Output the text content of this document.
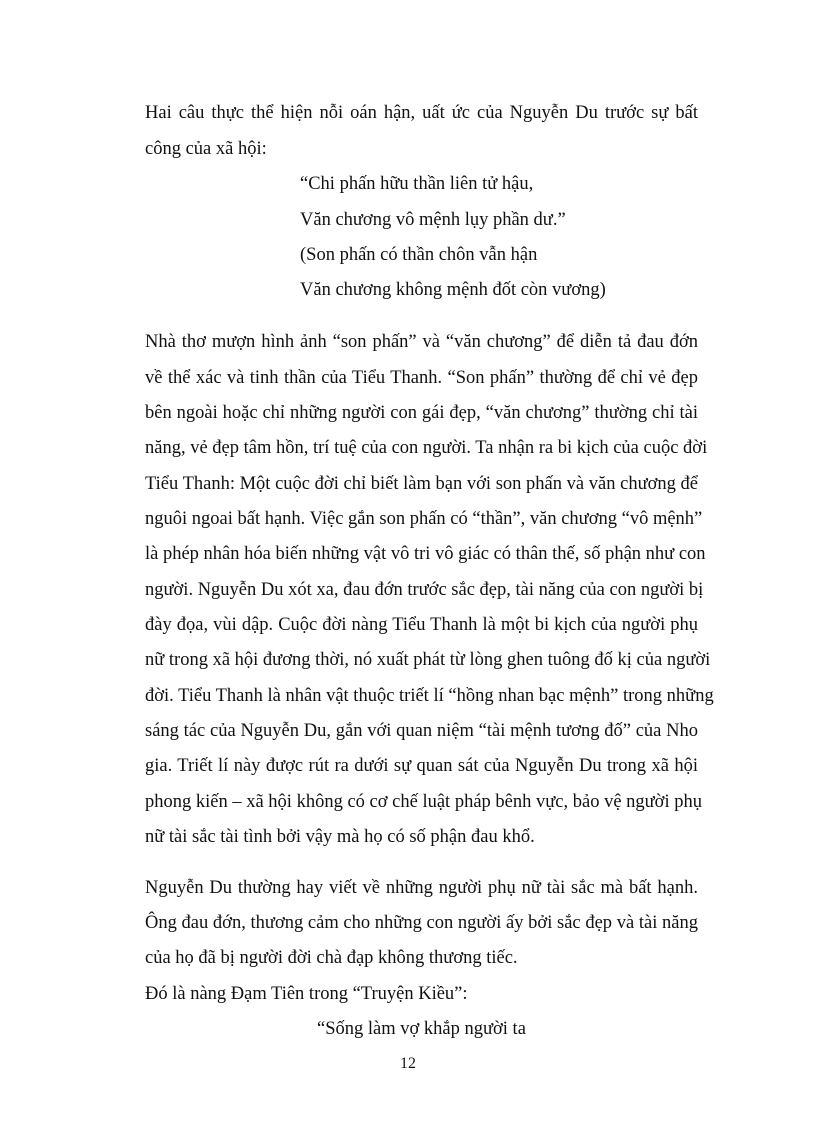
Hai câu thực thể hiện nỗi oán hận, uất ức của Nguyễn Du trước sự bất
công của xã hội:
“Chi phấn hữu thần liên tử hậu,
Văn chương vô mệnh lụy phần dư.”
(Son phấn có thần chôn vẫn hận
Văn chương không mệnh đốt còn vương)
Nhà thơ mượn hình ảnh “son phấn” và “văn chương” để diễn tả đau đớn
về thể xác và tinh thần của Tiểu Thanh. “Son phấn” thường để chỉ vẻ đẹp
bên ngoài hoặc chỉ những người con gái đẹp, “văn chương” thường chỉ tài
năng, vẻ đẹp tâm hồn, trí tuệ của con người. Ta nhận ra bi kịch của cuộc đời
Tiểu Thanh: Một cuộc đời chỉ biết làm bạn với son phấn và văn chương để
nguôi ngoai bất hạnh. Việc gắn son phấn có “thần”, văn chương “vô mệnh”
là phép nhân hóa biến những vật vô tri vô giác có thân thế, số phận như con
người. Nguyễn Du xót xa, đau đớn trước sắc đẹp, tài năng của con người bị
đày đọa, vùi dập. Cuộc đời nàng Tiểu Thanh là một bi kịch của người phụ
nữ trong xã hội đương thời, nó xuất phát từ lòng ghen tuông đố kị của người
đời. Tiểu Thanh là nhân vật thuộc triết lí “hồng nhan bạc mệnh” trong những
sáng tác của Nguyễn Du, gắn với quan niệm “tài mệnh tương đố” của Nho
gia. Triết lí này được rút ra dưới sự quan sát của Nguyễn Du trong xã hội
phong kiến – xã hội không có cơ chế luật pháp bênh vực, bảo vệ người phụ
nữ tài sắc tài tình bởi vậy mà họ có số phận đau khổ.
Nguyễn Du thường hay viết về những người phụ nữ tài sắc mà bất hạnh.
Ông đau đớn, thương cảm cho những con người ấy bởi sắc đẹp và tài năng
của họ đã bị người đời chà đạp không thương tiếc.
Đó là nàng Đạm Tiên trong “Truyện Kiều”:
“Sống làm vợ khắp người ta
12
